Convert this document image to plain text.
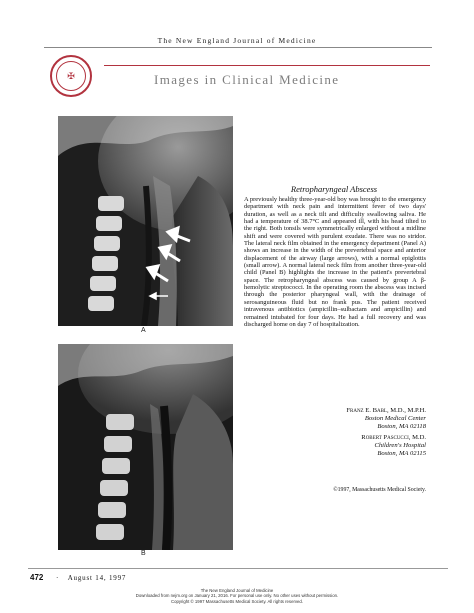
The New England Journal of Medicine
✠	Images in Clinical Medicine
A
B
Retropharyngeal Abscess

A previously healthy three-year-old boy was brought to the emergency department with neck pain and intermittent fever of two days' duration, as well as a neck tilt and difficulty swallowing saliva. He had a temperature of 38.7°C and appeared ill, with his head tilted to the right. Both tonsils were symmetrically enlarged without a midline shift and were covered with purulent exudate. There was no stridor. The lateral neck film obtained in the emergency department (Panel A) shows an increase in the width of the prevertebral space and anterior displacement of the airway (large arrows), with a normal epiglottis (small arrow). A normal lateral neck film from another three-year-old child (Panel B) highlights the increase in the patient's prevertebral space. The retropharyngeal abscess was caused by group A β-hemolytic streptococci. In the operating room the abscess was incised through the posterior pharyngeal wall, with the drainage of serosanguineous fluid but no frank pus. The patient received intravenous antibiotics (ampicillin–sulbactam and ampicillin) and remained intubated for four days. He had a full recovery and was discharged home on day 7 of hospitalization.

Franz E. Babl, M.D., M.P.H.
Boston Medical Center
Boston, MA 02118
Robert Pascucci, M.D.
Children's Hospital
Boston, MA 02115
©1997, Massachusetts Medical Society.
472 · August 14, 1997
The New England Journal of Medicine
Downloaded from nejm.org on January 21, 2016. For personal use only. No other uses without permission.
Copyright © 1997 Massachusetts Medical Society. All rights reserved.
